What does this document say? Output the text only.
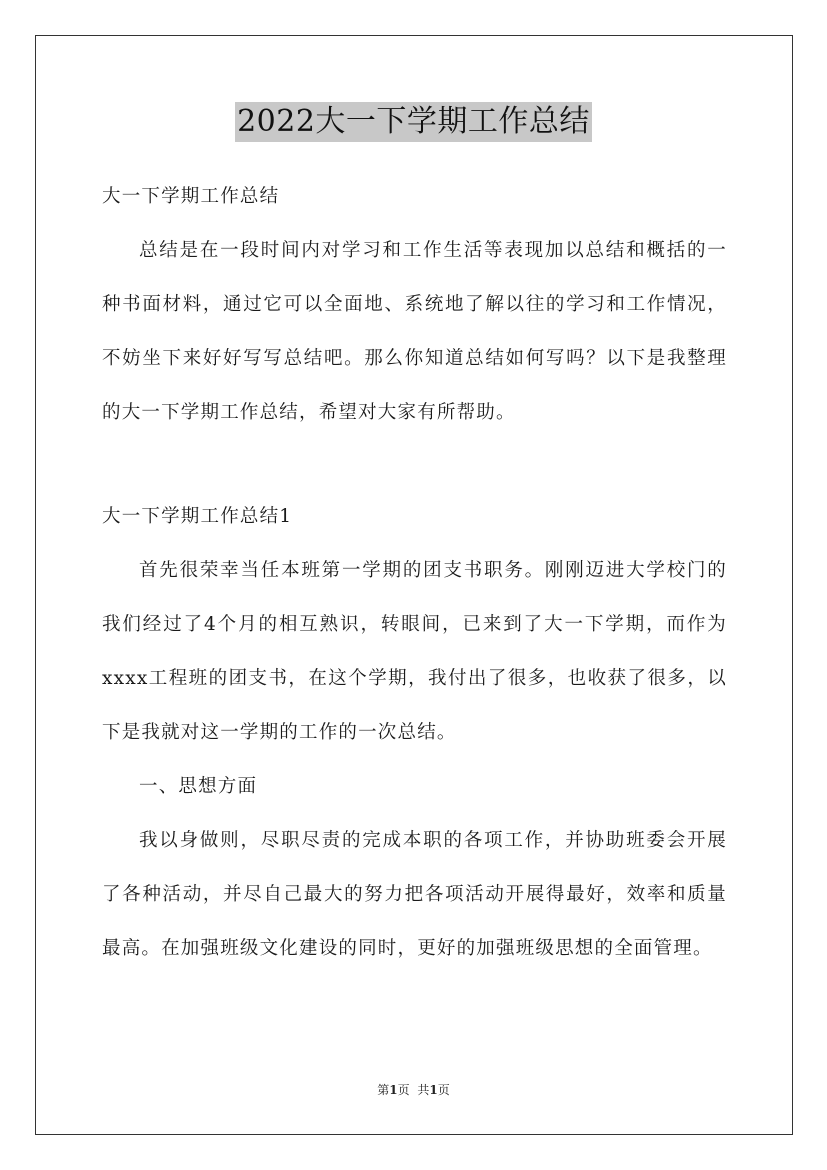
2022大一下学期工作总结

大一下学期工作总结

总结是在一段时间内对学习和工作生活等表现加以总结和概括的一种书面材料，通过它可以全面地、系统地了解以往的学习和工作情况，不妨坐下来好好写写总结吧。那么你知道总结如何写吗？以下是我整理的大一下学期工作总结，希望对大家有所帮助。

大一下学期工作总结1

首先很荣幸当任本班第一学期的团支书职务。刚刚迈进大学校门的我们经过了4个月的相互熟识，转眼间，已来到了大一下学期，而作为xxxx工程班的团支书，在这个学期，我付出了很多，也收获了很多，以下是我就对这一学期的工作的一次总结。

一、思想方面

我以身做则，尽职尽责的完成本职的各项工作，并协助班委会开展了各种活动，并尽自己最大的努力把各项活动开展得最好，效率和质量最高。在加强班级文化建设的同时，更好的加强班级思想的全面管理。

第1页 共1页
